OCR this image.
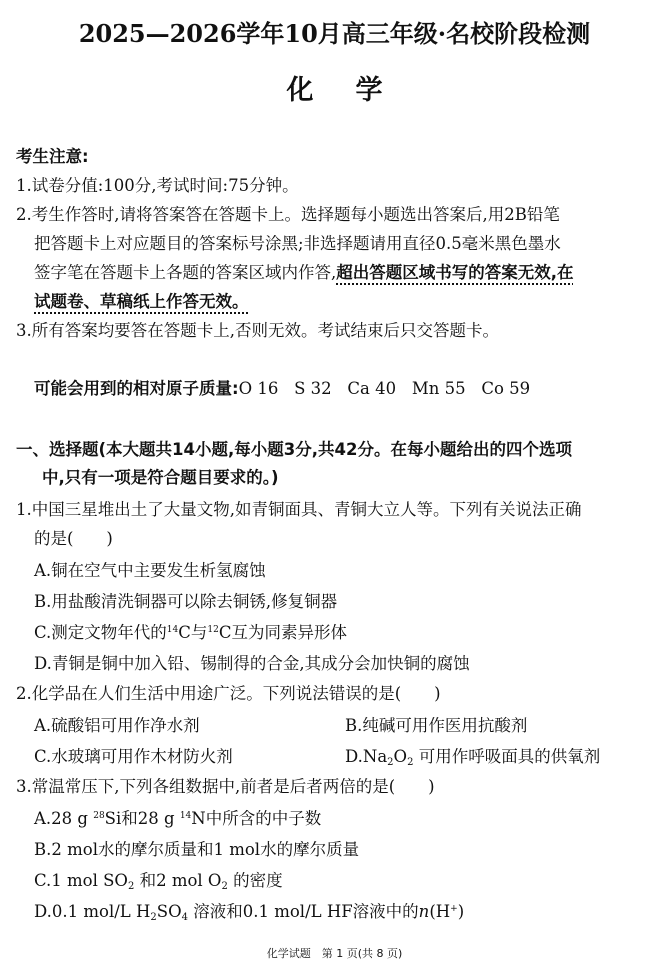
2025—2026学年10月高三年级·名校阶段检测
化学
考生注意:
1.试卷分值:100分,考试时间:75分钟。
2.考生作答时,请将答案答在答题卡上。选择题每小题选出答案后,用2B铅笔
把答题卡上对应题目的答案标号涂黑;非选择题请用直径0.5毫米黑色墨水
签字笔在答题卡上各题的答案区域内作答,超出答题区域书写的答案无效,在
试题卷、草稿纸上作答无效。
3.所有答案均要答在答题卡上,否则无效。考试结束后只交答题卡。
可能会用到的相对原子质量:O 16   S 32   Ca 40   Mn 55   Co 59
一、选择题(本大题共14小题,每小题3分,共42分。在每小题给出的四个选项
中,只有一项是符合题目要求的。)
1.中国三星堆出土了大量文物,如青铜面具、青铜大立人等。下列有关说法正确
的是(　　)
A.铜在空气中主要发生析氢腐蚀
B.用盐酸清洗铜器可以除去铜锈,修复铜器
C.测定文物年代的$^{14}$C与$^{12}$C互为同素异形体
D.青铜是铜中加入铅、锡制得的合金,其成分会加快铜的腐蚀
2.化学品在人们生活中用途广泛。下列说法错误的是(　　)
A.硫酸铝可用作净水剂	B.纯碱可用作医用抗酸剂
C.水玻璃可用作木材防火剂	$D.Na_2O_2$ 可用作呼吸面具的供氧剂
3.常温常压下,下列各组数据中,前者是后者两倍的是(　　)
A.28 g $^{28}$Si和28 g $^{14}$N中所含的中子数
B.2 mol水的摩尔质量和1 mol水的摩尔质量
C.1 mol $SO_2$ 和2 mol $O_2$ 的密度
D.0.1 mol/L $H_2SO_4$ 溶液和0.1 mol/L HF溶液中的n(H+)
化学试题　第 1 页(共 8 页)
